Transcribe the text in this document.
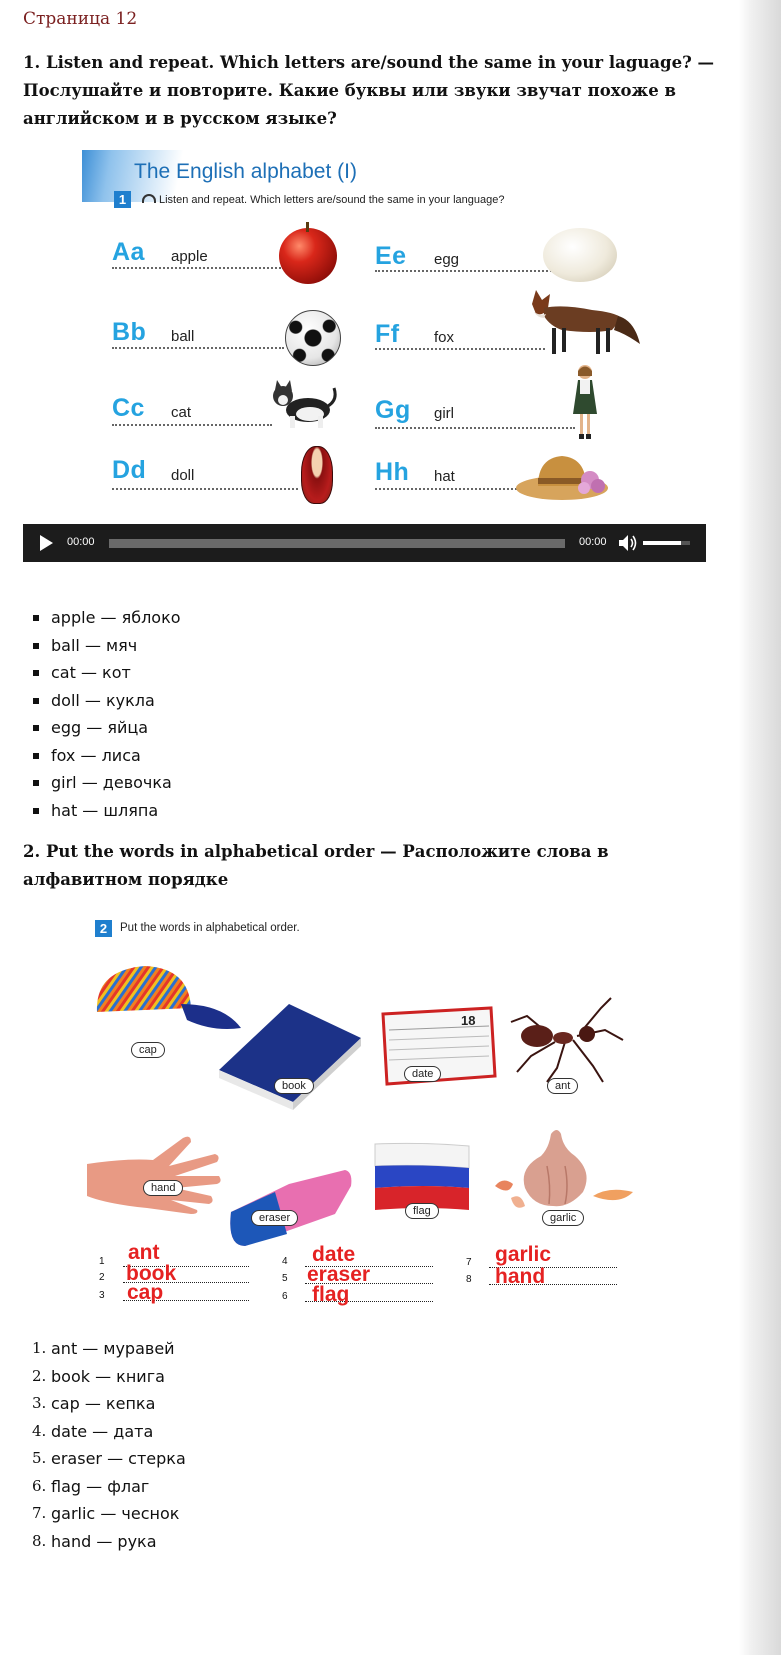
Страница 12
1. Listen and repeat. Which letters are/sound the same in your laguage? — Послушайте и повторите. Какие буквы или звуки звучат похоже в английском и в русском языке?
The English alphabet (I)
1	Listen and repeat. Which letters are/sound the same in your language?
Aa apple
Bb ball
Cc cat
Dd doll
Ee egg
Ff fox
Gg girl
Hh hat
00:00	00:00
apple — яблоко
ball — мяч
cat — кот
doll — кукла
egg — яйца
fox — лиса
girl — девочка
hat — шляпа
2. Put the words in alphabetical order — Расположите слова в алфавитном порядке
2	Put the words in alphabetical order.
cap
book
18
date
ant
hand
eraser
flag
garlic
1 ant
2 book
3 cap
4 date
5 eraser
6 flag
7 garlic
8 hand
1. ant — муравей
2. book — книга
3. cap — кепка
4. date — дата
5. eraser — стерка
6. flag — флаг
7. garlic — чеснок
8. hand — рука
